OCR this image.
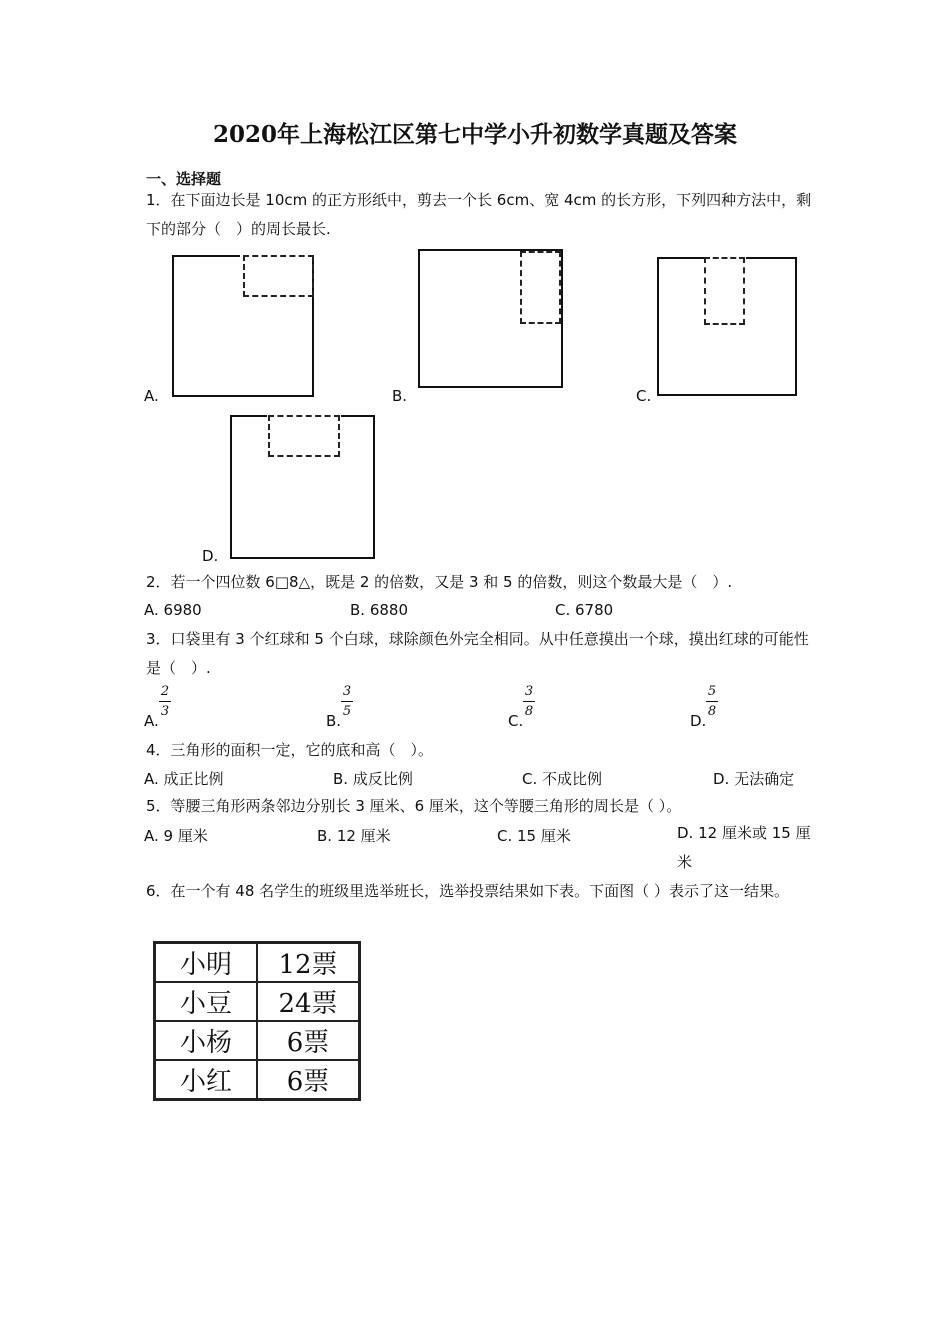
2020年上海松江区第七中学小升初数学真题及答案
一、选择题
1．在下面边长是 10cm 的正方形纸中，剪去一个长 6cm、宽 4cm 的长方形，下列四种方法中，剩下的部分（　）的周长最长.
A.	B.	C.
D.
2．若一个四位数 6□8△，既是 2 的倍数，又是 3 和 5 的倍数，则这个数最大是（　）.
A. 6980	B. 6880	C. 6780
3．口袋里有 3 个红球和 5 个白球，球除颜色外完全相同。从中任意摸出一个球，摸出红球的可能性是（　）.
A.
2
3
B.
3
5
C.
3
8
D.
5
8
4．三角形的面积一定，它的底和高（　）。
A. 成正比例	B. 成反比例	C. 不成比例	D. 无法确定
5．等腰三角形两条邻边分别长 3 厘米、6 厘米，这个等腰三角形的周长是（ ）。
A. 9 厘米	B. 12 厘米	C. 15 厘米	D. 12 厘米或 15 厘米
6．在一个有 48 名学生的班级里选举班长，选举投票结果如下表。下面图（ ）表示了这一结果。
小明	12票
小豆	24票
小杨	6票
小红	6票
